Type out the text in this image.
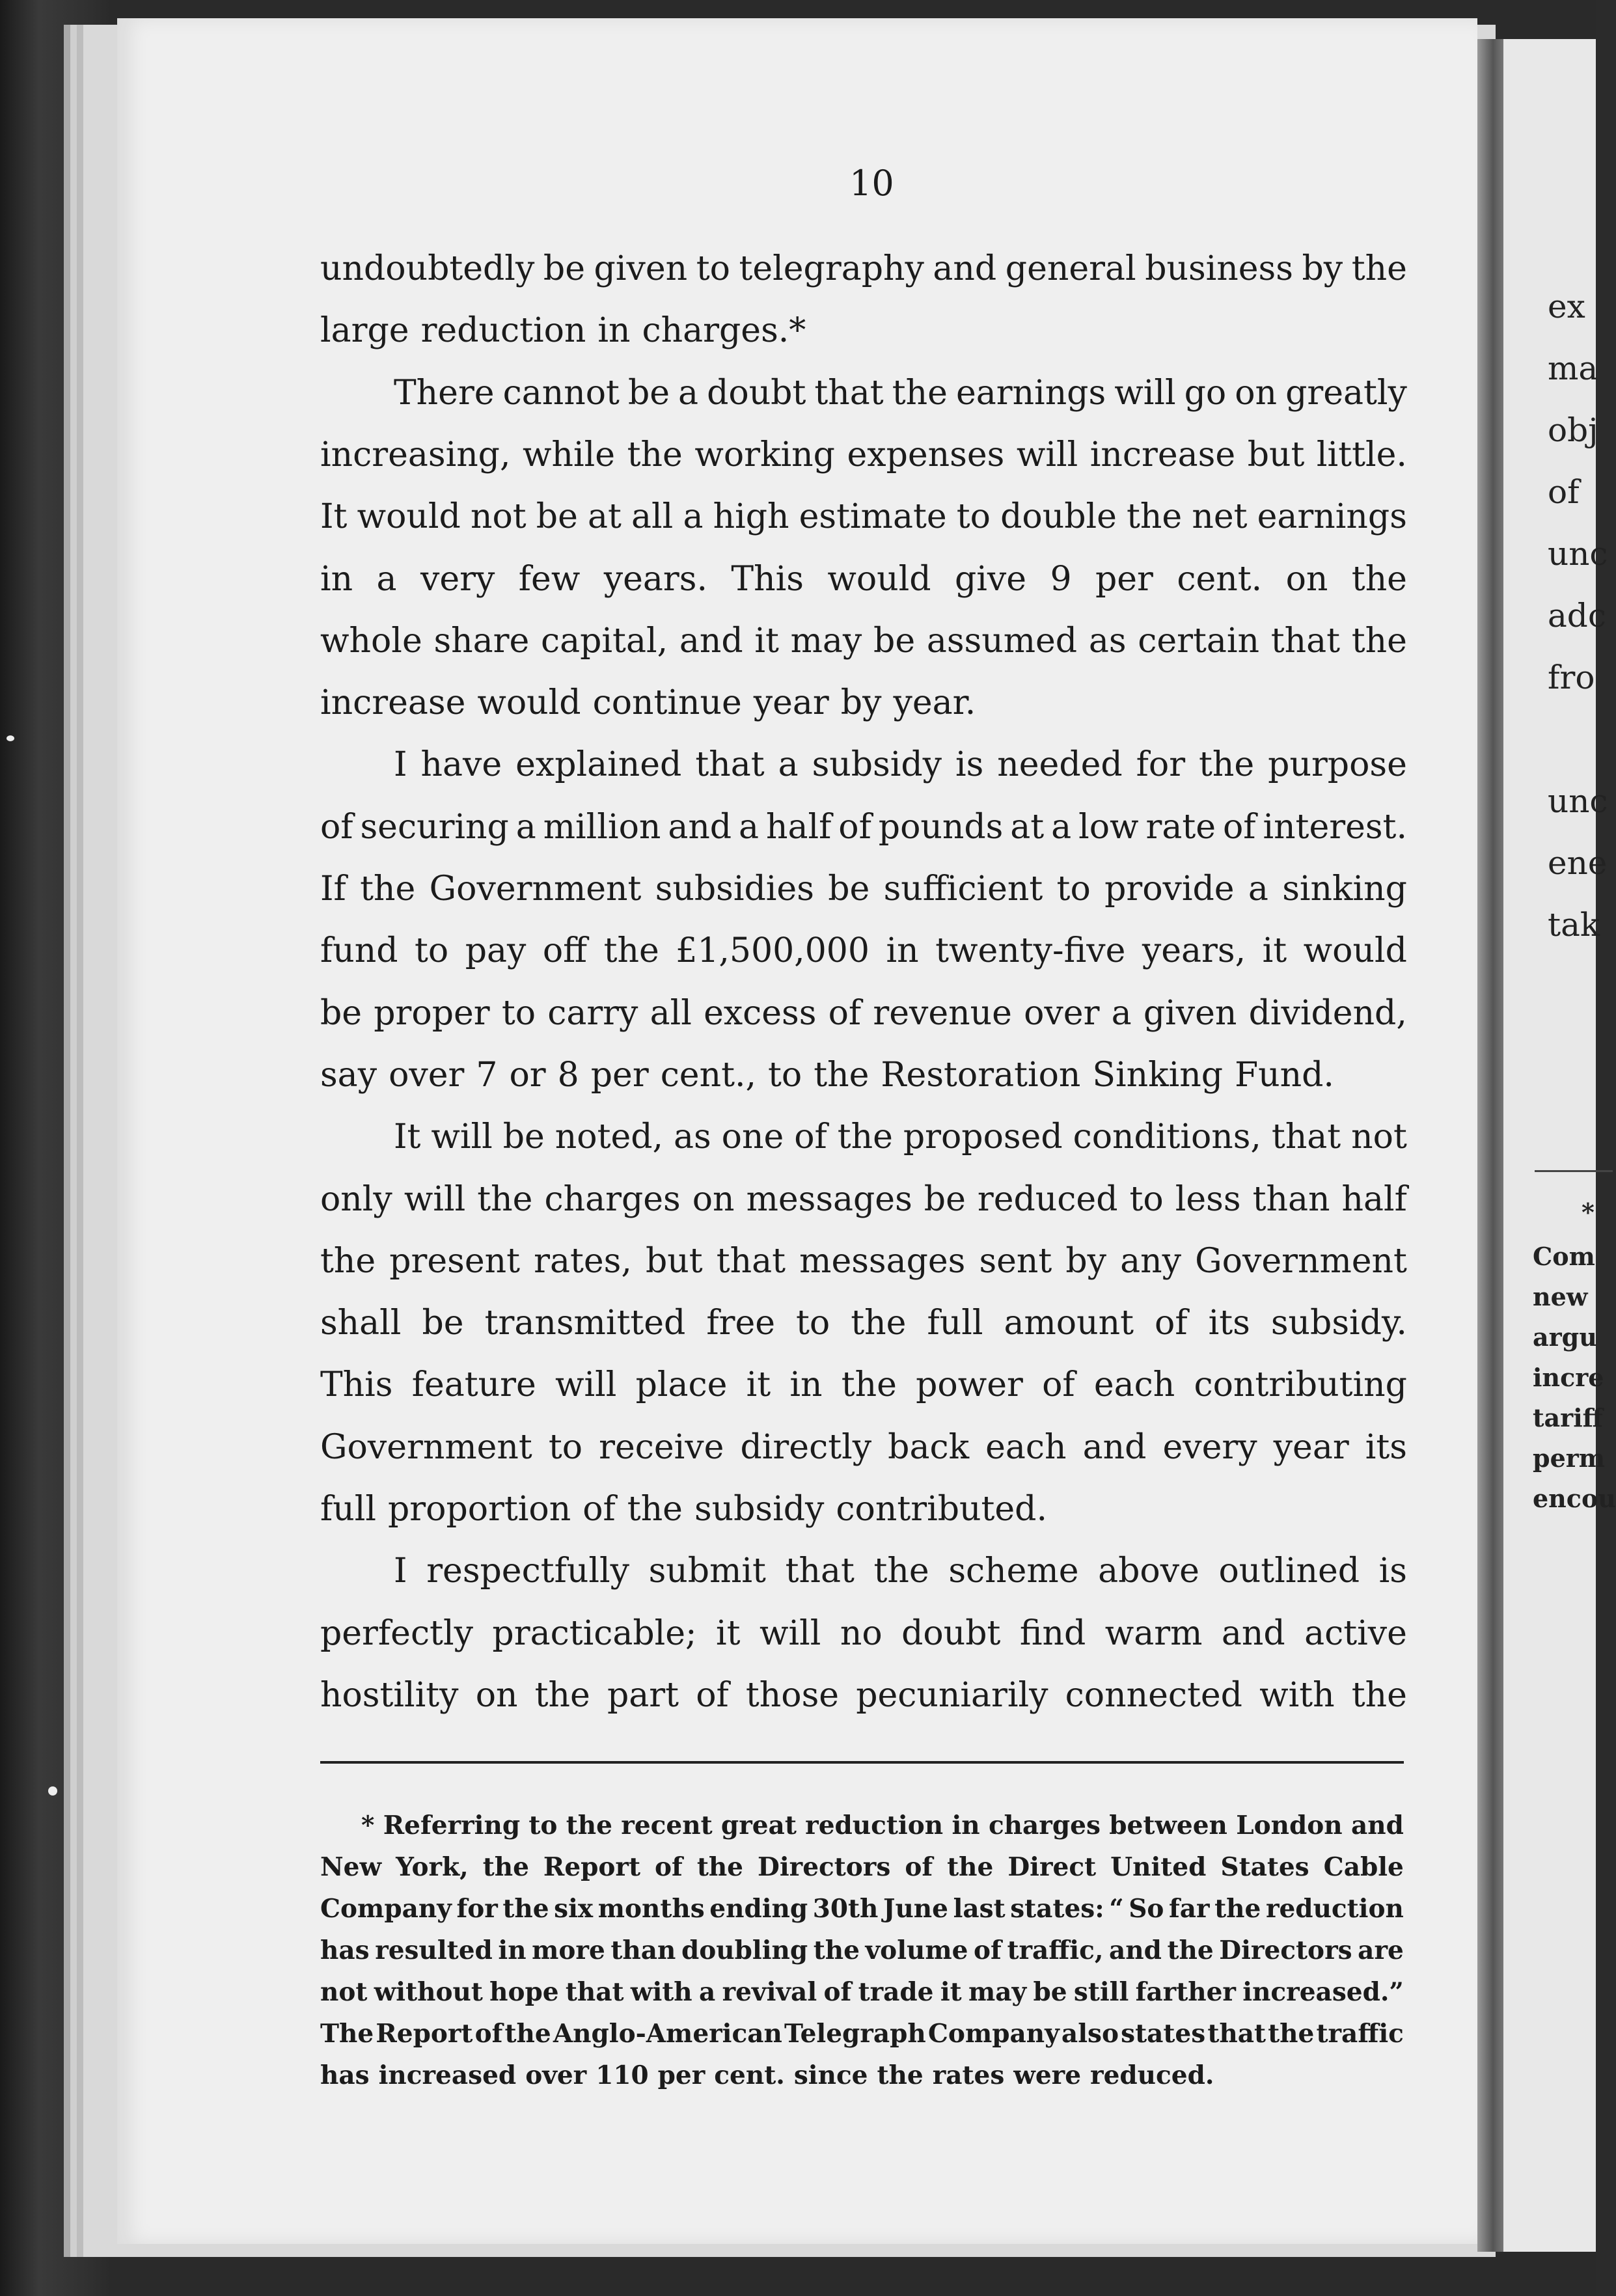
ex
ma
obj
of
unc
adc
fro
unc
ene
tak
*
Com
new
argu
incre
tariff
perm
encou
10
undoubtedly be given to telegraphy and general business by the
large reduction in charges.*
There cannot be a doubt that the earnings will go on greatly
increasing, while the working expenses will increase but little.
It would not be at all a high estimate to double the net earnings
in a very few years. This would give 9 per cent. on the
whole share capital, and it may be assumed as certain that the
increase would continue year by year.
I have explained that a subsidy is needed for the purpose
of securing a million and a half of pounds at a low rate of interest.
If the Government subsidies be sufficient to provide a sinking
fund to pay off the £1,500,000 in twenty-five years, it would
be proper to carry all excess of revenue over a given dividend,
say over 7 or 8 per cent., to the Restoration Sinking Fund.
It will be noted, as one of the proposed conditions, that not
only will the charges on messages be reduced to less than half
the present rates, but that messages sent by any Government
shall be transmitted free to the full amount of its subsidy.
This feature will place it in the power of each contributing
Government to receive directly back each and every year its
full proportion of the subsidy contributed.
I respectfully submit that the scheme above outlined is
perfectly practicable; it will no doubt find warm and active
hostility on the part of those pecuniarily connected with the
* Referring to the recent great reduction in charges between London and
New York, the Report of the Directors of the Direct United States Cable
Company for the six months ending 30th June last states: “ So far the reduction
has resulted in more than doubling the volume of traffic, and the Directors are
not without hope that with a revival of trade it may be still farther increased.”
The Report of the Anglo-American Telegraph Company also states that the traffic
has increased over 110 per cent. since the rates were reduced.
